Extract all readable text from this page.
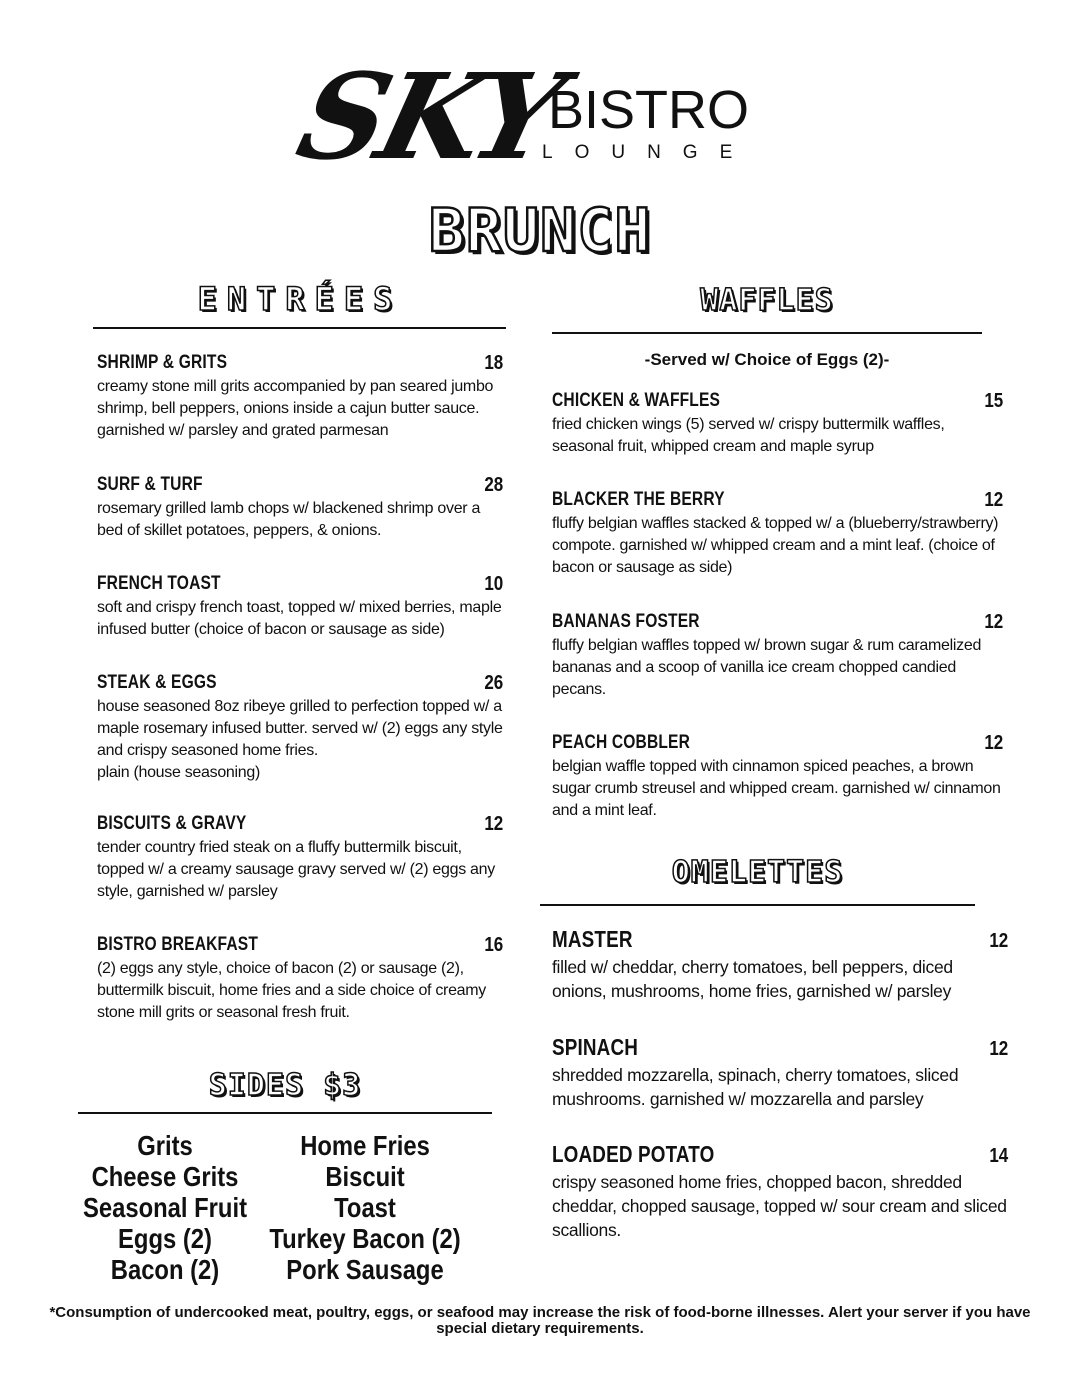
SKY
BISTRO
LOUNGE
BRUNCH
ENTRÉES	WAFFLES
-Served w/ Choice of Eggs (2)-
SHRIMP & GRITS	18
creamy stone mill grits accompanied by pan seared jumbo shrimp, bell peppers, onions inside a cajun butter sauce. garnished w/ parsley and grated parmesan
SURF & TURF	28
rosemary grilled lamb chops w/ blackened shrimp over a bed of skillet potatoes, peppers, & onions.
FRENCH TOAST	10
soft and crispy french toast, topped w/ mixed berries, maple infused butter (choice of bacon or sausage as side)
STEAK & EGGS	26
house seasoned 8oz ribeye grilled to perfection topped w/ a maple rosemary infused butter. served w/ (2) eggs any style and crispy seasoned home fries.
plain (house seasoning)
BISCUITS & GRAVY	12
tender country fried steak on a fluffy buttermilk biscuit, topped w/ a creamy sausage gravy served w/ (2) eggs any style, garnished w/ parsley
BISTRO BREAKFAST	16
(2) eggs any style, choice of bacon (2) or sausage (2), buttermilk biscuit, home fries and a side choice of creamy stone mill grits or seasonal fresh fruit.
CHICKEN & WAFFLES	15
fried chicken wings (5) served w/ crispy buttermilk waffles, seasonal fruit, whipped cream and maple syrup
BLACKER THE BERRY	12
fluffy belgian waffles stacked & topped w/ a (blueberry/strawberry) compote. garnished w/ whipped cream and a mint leaf. (choice of bacon or sausage as side)
BANANAS FOSTER	12
fluffy belgian waffles topped w/ brown sugar & rum caramelized bananas and a scoop of vanilla ice cream chopped candied pecans.
PEACH COBBLER	12
belgian waffle topped with cinnamon spiced peaches, a brown sugar crumb streusel and whipped cream. garnished w/ cinnamon and a mint leaf.
OMELETTES
MASTER	12
filled w/ cheddar, cherry tomatoes, bell peppers, diced onions, mushrooms, home fries, garnished w/ parsley
SPINACH	12
shredded mozzarella, spinach, cherry tomatoes, sliced mushrooms. garnished w/ mozzarella and parsley
LOADED POTATO	14
crispy seasoned home fries, chopped bacon, shredded cheddar, chopped sausage, topped w/ sour cream and sliced scallions.
SIDES $3
Grits
Cheese Grits
Seasonal Fruit
Eggs (2)
Bacon (2)
Home Fries
Biscuit
Toast
Turkey Bacon (2)
Pork Sausage
*Consumption of undercooked meat, poultry, eggs, or seafood may increase the risk of food-borne illnesses. Alert your server if you have special dietary requirements.
